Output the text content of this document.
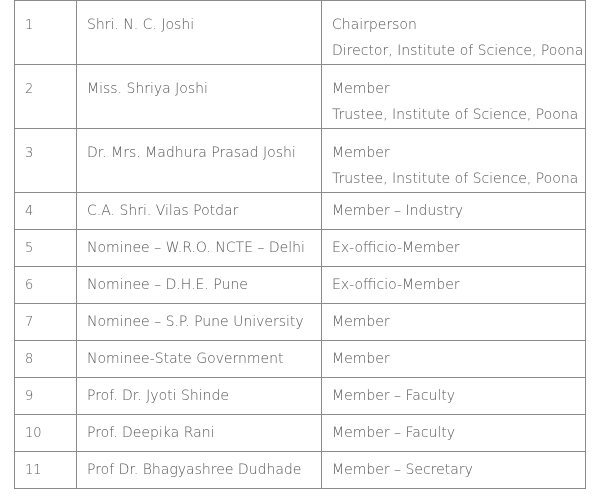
1	Shri. N. C. Joshi	Chairperson
Director, Institute of Science, Poona

2	Miss. Shriya Joshi	Member
Trustee, Institute of Science, Poona

3	Dr. Mrs. Madhura Prasad Joshi	Member
Trustee, Institute of Science, Poona

4	C.A. Shri. Vilas Potdar	Member – Industry

5	Nominee – W.R.O. NCTE – Delhi	Ex-officio-Member

6	Nominee – D.H.E. Pune	Ex-officio-Member

7	Nominee – S.P. Pune University	Member

8	Nominee-State Government	Member

9	Prof. Dr. Jyoti Shinde	Member – Faculty

10	Prof. Deepika Rani	Member – Faculty

11	Prof Dr. Bhagyashree Dudhade	Member – Secretary
